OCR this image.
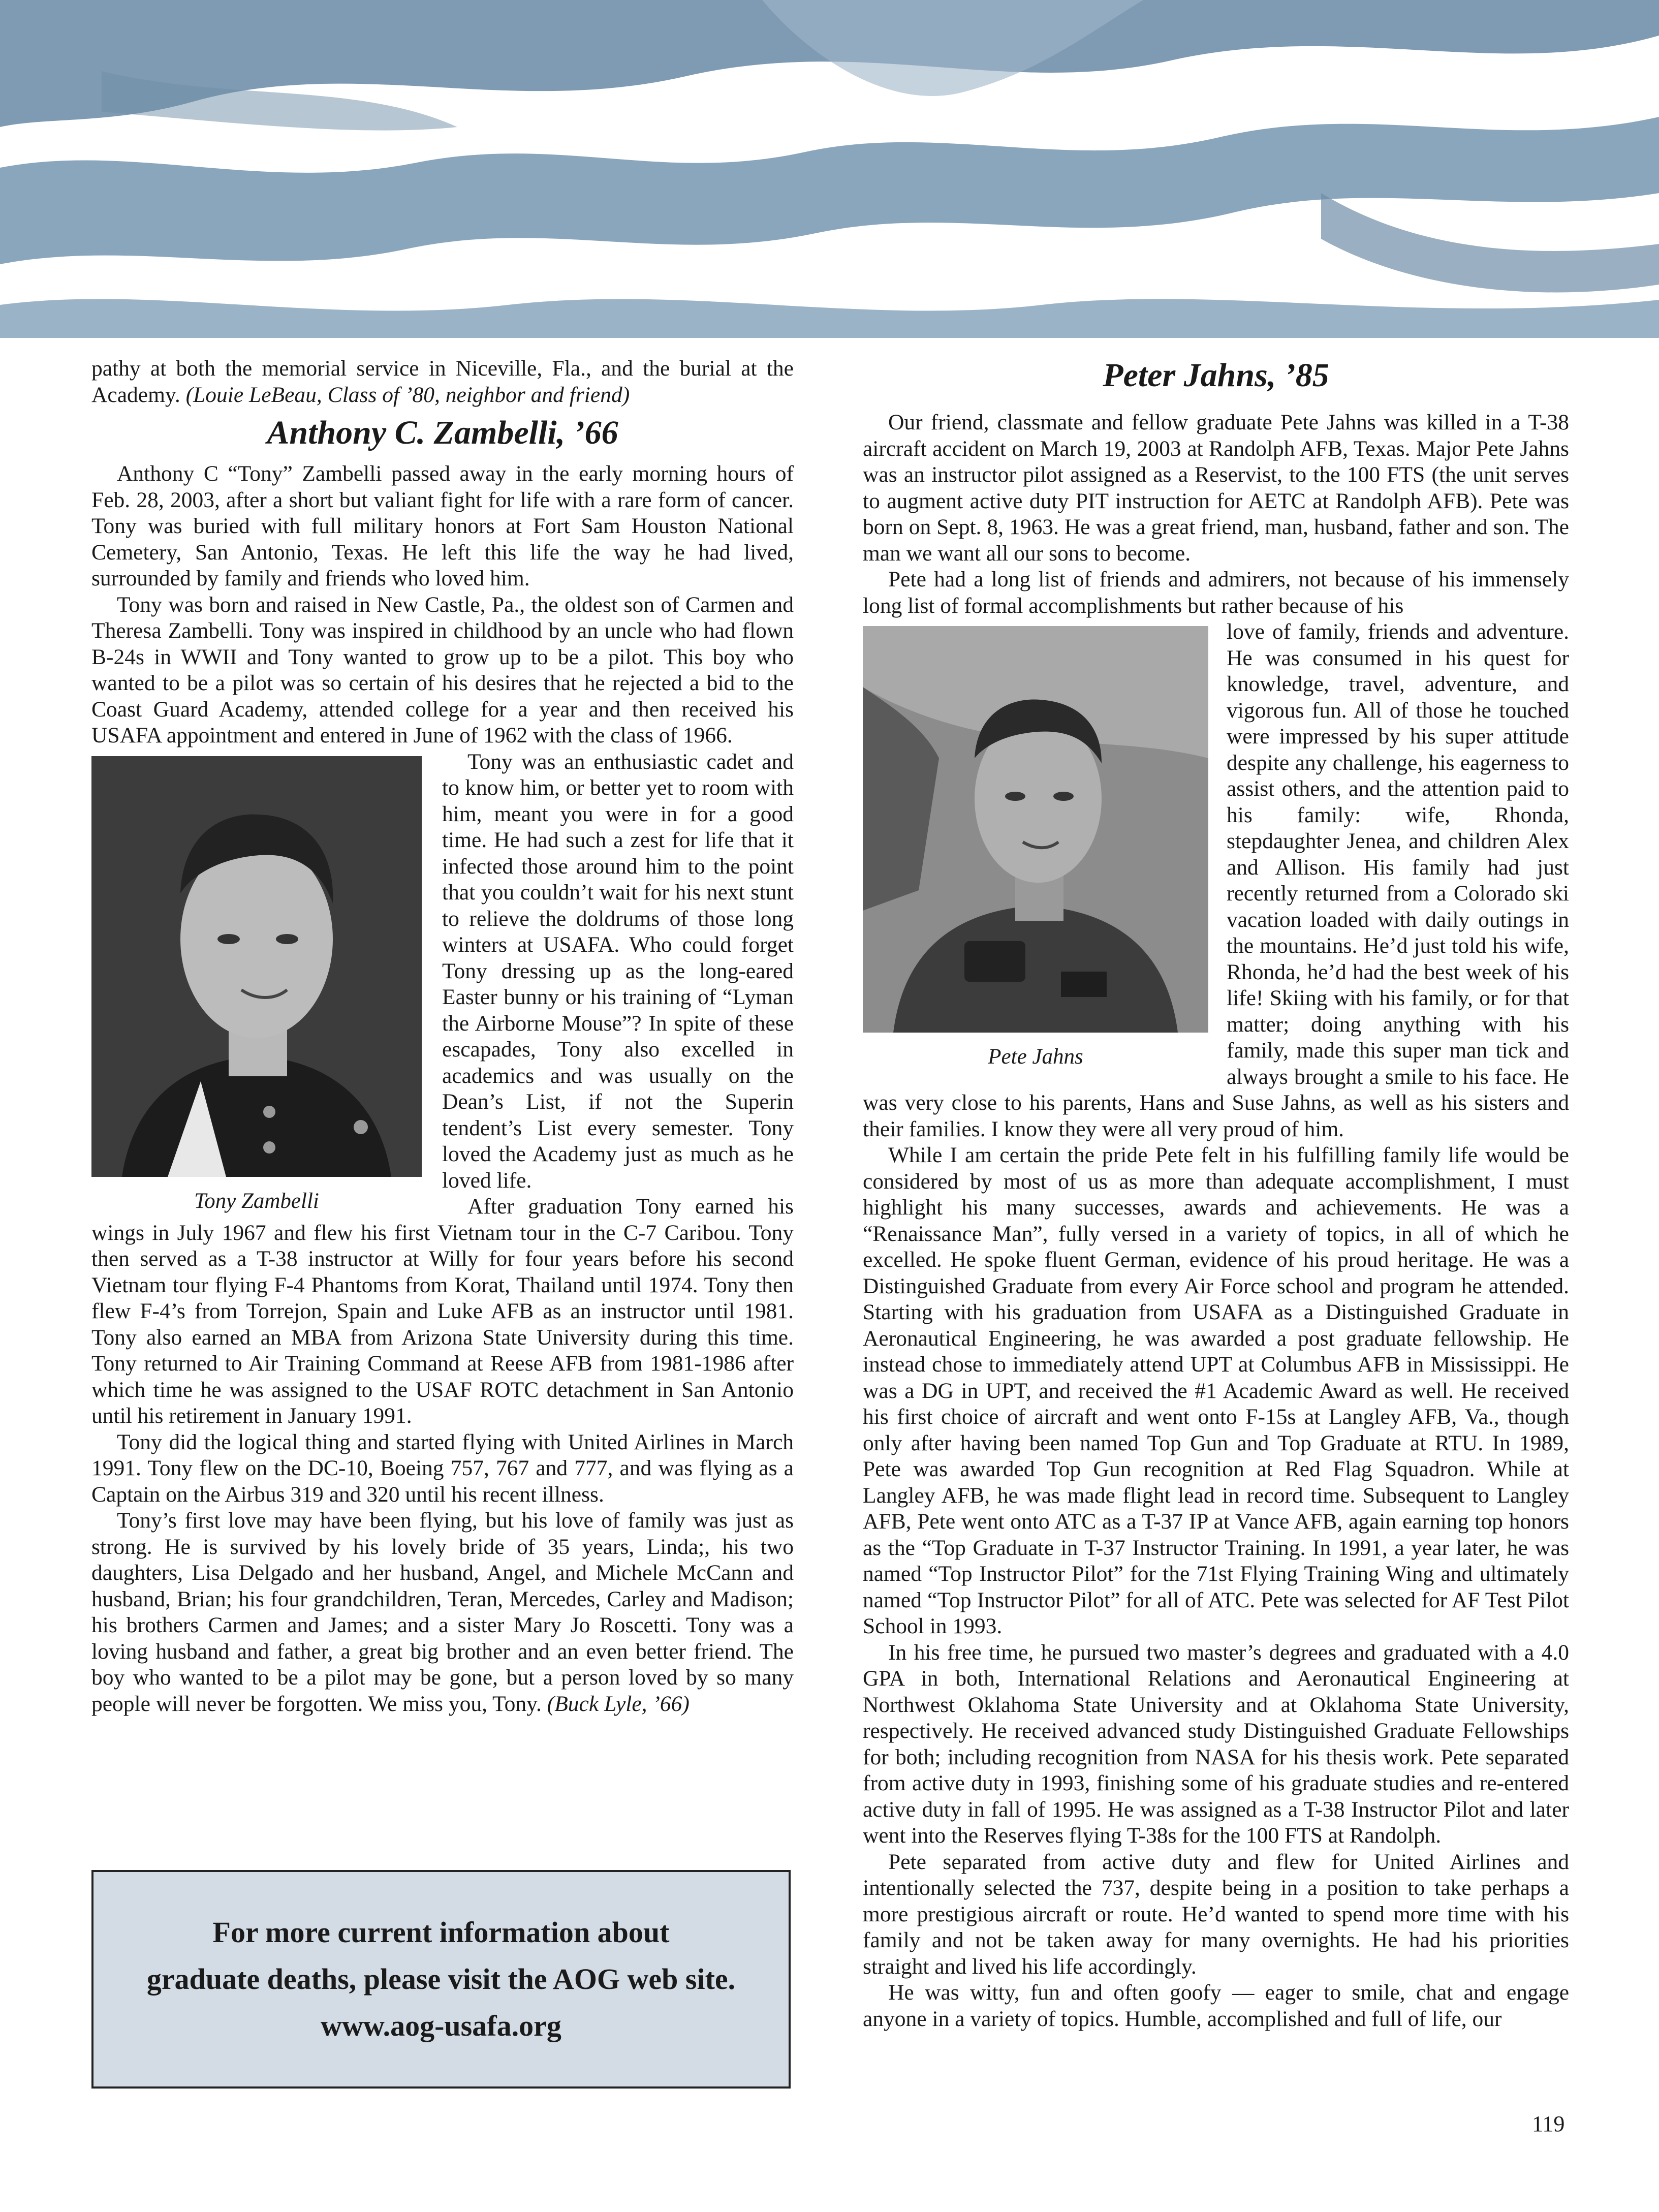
pathy at both the memorial service in Niceville, Fla., and the burial at the Academy. (Louie LeBeau, Class of ’80, neighbor and friend)

Anthony C. Zambelli, ’66

Anthony C “Tony” Zambelli passed away in the early morning hours of Feb. 28, 2003, after a short but valiant fight for life with a rare form of cancer. Tony was buried with full military honors at Fort Sam Houston National Cemetery, San Antonio, Texas. He left this life the way he had lived, surrounded by family and friends who loved him.

Tony was born and raised in New Castle, Pa., the oldest son of Carmen and Theresa Zambelli. Tony was inspired in childhood by an uncle who had flown B-24s in WWII and Tony wanted to grow up to be a pilot. This boy who wanted to be a pilot was so certain of his desires that he rejected a bid to the Coast Guard Academy, attended college for a year and then received his USAFA appointment and entered in June of 1962 with the class of 1966.

Tony Zambelli

Tony was an enthusiastic cadet and to know him, or better yet to room with him, meant you were in for a good time. He had such a zest for life that it infected those around him to the point that you couldn’t wait for his next stunt to relieve the doldrums of those long winters at USAFA. Who could forget Tony dressing up as the long-eared Easter bunny or his training of “Lyman the Airborne Mouse”? In spite of these escapades, Tony also excelled in academics and was usually on the Dean’s List, if not the Superin tendent’s List every semester. Tony loved the Academy just as much as he loved life.

After graduation Tony earned his wings in July 1967 and flew his first Vietnam tour in the C-7 Caribou. Tony then served as a T-38 instructor at Willy for four years before his second Vietnam tour flying F-4 Phantoms from Korat, Thailand until 1974. Tony then flew F-4’s from Torrejon, Spain and Luke AFB as an instructor until 1981. Tony also earned an MBA from Arizona State University during this time. Tony returned to Air Training Command at Reese AFB from 1981-1986 after which time he was assigned to the USAF ROTC detachment in San Antonio until his retirement in January 1991.

Tony did the logical thing and started flying with United Airlines in March 1991. Tony flew on the DC-10, Boeing 757, 767 and 777, and was flying as a Captain on the Airbus 319 and 320 until his recent illness.

Tony’s first love may have been flying, but his love of family was just as strong. He is survived by his lovely bride of 35 years, Linda;, his two daughters, Lisa Delgado and her husband, Angel, and Michele McCann and husband, Brian; his four grandchildren, Teran, Mercedes, Carley and Madison; his brothers Carmen and James; and a sister Mary Jo Roscetti. Tony was a loving husband and father, a great big brother and an even better friend. The boy who wanted to be a pilot may be gone, but a person loved by so many people will never be forgotten. We miss you, Tony. (Buck Lyle, ’66)

For more current information about
graduate deaths, please visit the AOG web site.
www.aog-usafa.org
Peter Jahns, ’85

Our friend, classmate and fellow graduate Pete Jahns was killed in a T-38 aircraft accident on March 19, 2003 at Randolph AFB, Texas. Major Pete Jahns was an instructor pilot assigned as a Reservist, to the 100 FTS (the unit serves to augment active duty PIT instruction for AETC at Randolph AFB). Pete was born on Sept. 8, 1963. He was a great friend, man, husband, father and son. The man we want all our sons to become.

Pete had a long list of friends and admirers, not because of his immensely long list of formal accomplishments but rather because of his

Pete Jahns

love of family, friends and adventure. He was consumed in his quest for knowledge, travel, adventure, and vigorous fun. All of those he touched were impressed by his super attitude despite any challenge, his eagerness to assist others, and the attention paid to his family: wife, Rhonda, stepdaughter Jenea, and children Alex and Allison. His family had just recently returned from a Colorado ski vacation loaded with daily outings in the mountains. He’d just told his wife, Rhonda, he’d had the best week of his life! Skiing with his family, or for that matter; doing anything with his family, made this super man tick and always brought a smile to his face. He was very close to his parents, Hans and Suse Jahns, as well as his sisters and their families. I know they were all very proud of him.

While I am certain the pride Pete felt in his fulfilling family life would be considered by most of us as more than adequate accomplishment, I must highlight his many successes, awards and achievements. He was a “Renaissance Man”, fully versed in a variety of topics, in all of which he excelled. He spoke fluent German, evidence of his proud heritage. He was a Distinguished Graduate from every Air Force school and program he attended. Starting with his graduation from USAFA as a Distinguished Graduate in Aeronautical Engineering, he was awarded a post graduate fellowship. He instead chose to immediately attend UPT at Columbus AFB in Mississippi. He was a DG in UPT, and received the #1 Academic Award as well. He received his first choice of aircraft and went onto F-15s at Langley AFB, Va., though only after having been named Top Gun and Top Graduate at RTU. In 1989, Pete was awarded Top Gun recognition at Red Flag Squadron. While at Langley AFB, he was made flight lead in record time. Subsequent to Langley AFB, Pete went onto ATC as a T-37 IP at Vance AFB, again earning top honors as the “Top Graduate in T-37 Instructor Training. In 1991, a year later, he was named “Top Instructor Pilot” for the 71st Flying Training Wing and ultimately named “Top Instructor Pilot” for all of ATC. Pete was selected for AF Test Pilot School in 1993.

In his free time, he pursued two master’s degrees and graduated with a 4.0 GPA in both, International Relations and Aeronautical Engineering at Northwest Oklahoma State University and at Oklahoma State University, respectively. He received advanced study Distinguished Graduate Fellowships for both; including recognition from NASA for his thesis work. Pete separated from active duty in 1993, finishing some of his graduate studies and re-entered active duty in fall of 1995. He was assigned as a T-38 Instructor Pilot and later went into the Reserves flying T-38s for the 100 FTS at Randolph.

Pete separated from active duty and flew for United Airlines and intentionally selected the 737, despite being in a position to take perhaps a more prestigious aircraft or route. He’d wanted to spend more time with his family and not be taken away for many overnights. He had his priorities straight and lived his life accordingly.

He was witty, fun and often goofy — eager to smile, chat and engage anyone in a variety of topics. Humble, accomplished and full of life, our

119
